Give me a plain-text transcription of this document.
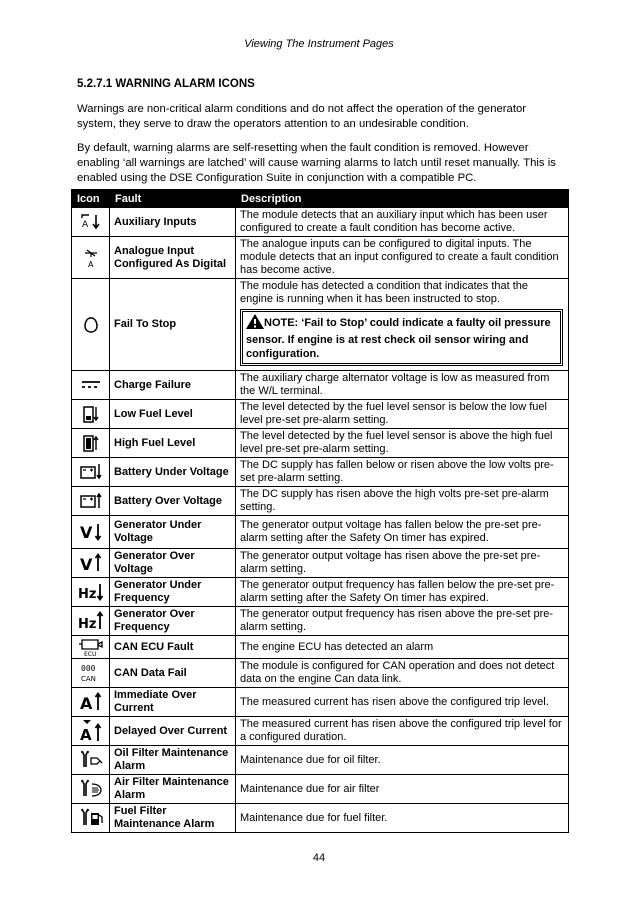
Viewing The Instrument Pages
5.2.7.1 WARNING ALARM ICONS
Warnings are non-critical alarm conditions and do not affect the operation of the generator system, they serve to draw the operators attention to an undesirable condition.
By default, warning alarms are self-resetting when the fault condition is removed. However enabling ‘all warnings are latched’ will cause warning alarms to latch until reset manually. This is enabled using the DSE Configuration Suite in conjunction with a compatible PC.
Icon	Fault	Description

A	Auxiliary Inputs	The module detects that an auxiliary input which has been user configured to create a fault condition has become active.

A	Analogue Input Configured As Digital	The analogue inputs can be configured to digital inputs. The module detects that an input configured to create a fault condition has become active.

	Fail To Stop	The module has detected a condition that indicates that the engine is running when it has been instructed to stop.
NOTE: ‘Fail to Stop’ could indicate a faulty oil pressure sensor. If engine is at rest check oil sensor wiring and configuration.

	Charge Failure	The auxiliary charge alternator voltage is low as measured from the W/L terminal.

	Low Fuel Level	The level detected by the fuel level sensor is below the low fuel level pre-set pre-alarm setting.

	High Fuel Level	The level detected by the fuel level sensor is above the high fuel level pre-set pre-alarm setting.

	Battery Under Voltage	The DC supply has fallen below or risen above the low volts pre-set pre-alarm setting.

	Battery Over Voltage	The DC supply has risen above the high volts pre-set pre-alarm setting.

V	Generator Under Voltage	The generator output voltage has fallen below the pre-set pre-alarm setting after the Safety On timer has expired.

V	Generator Over Voltage	The generator output voltage has risen above the pre-set pre-alarm setting.

Hz	Generator Under Frequency	The generator output frequency has fallen below the pre-set pre-alarm setting after the Safety On timer has expired.

Hz	Generator Over Frequency	The generator output frequency has risen above the pre-set pre-alarm setting.

ECU	CAN ECU Fault	The engine ECU has detected an alarm

000
CAN	CAN Data Fail	The module is configured for CAN operation and does not detect data on the engine Can data link.

A	Immediate Over Current	The measured current has risen above the configured trip level.

A	Delayed Over Current	The measured current has risen above the configured trip level for a configured duration.

	Oil Filter Maintenance Alarm	Maintenance due for oil filter.

	Air Filter Maintenance Alarm	Maintenance due for air filter

	Fuel Filter Maintenance Alarm	Maintenance due for fuel filter.
44
